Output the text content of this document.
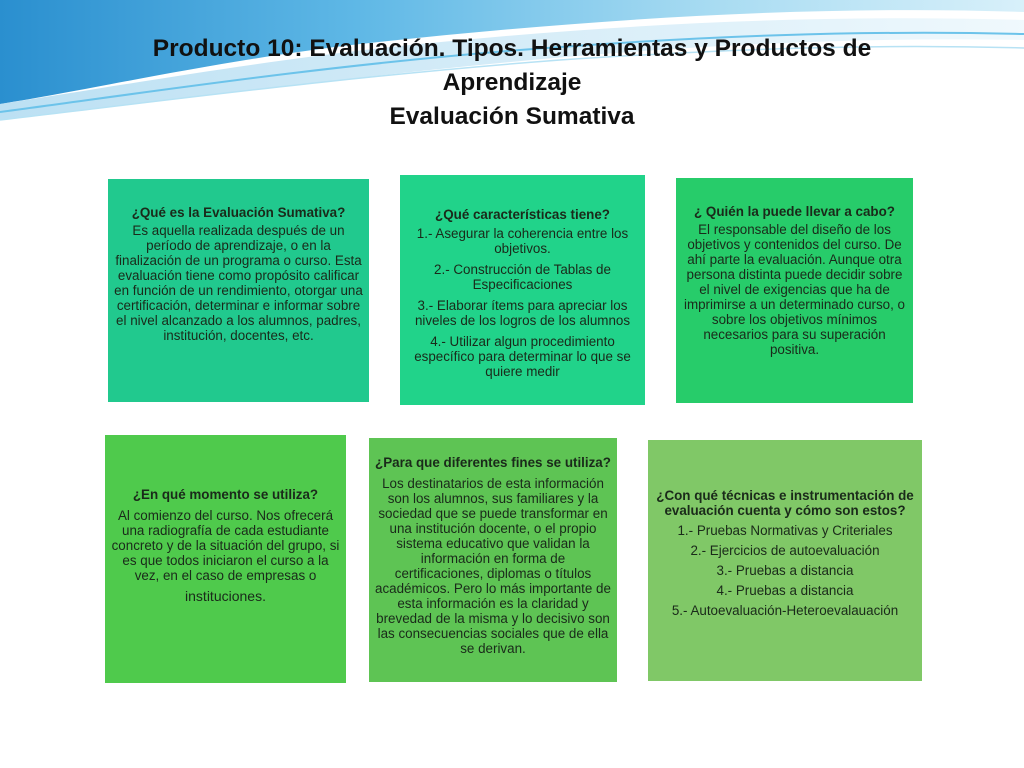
Producto 10: Evaluación. Tipos. Herramientas y Productos de
Aprendizaje
Evaluación Sumativa
¿Qué es la Evaluación Sumativa?
Es aquella realizada después de un período de aprendizaje, o en la finalización de un programa o curso. Esta evaluación tiene como propósito calificar en función de un rendimiento, otorgar una certificación, determinar e informar sobre el nivel alcanzado a los alumnos, padres, institución, docentes, etc.
¿Qué características tiene?
1.- Asegurar la coherencia entre los objetivos.
2.- Construcción de Tablas de Especificaciones
3.- Elaborar ítems para apreciar los niveles de los logros de los alumnos
4.- Utilizar algun procedimiento específico para determinar lo que se quiere medir
¿ Quién la puede llevar a cabo?
El responsable del diseño de los objetivos y contenidos del curso. De ahí parte la evaluación. Aunque otra persona distinta puede decidir sobre el nivel de exigencias que ha de imprimirse a un determinado curso, o sobre los objetivos mínimos necesarios para su superación positiva.
¿En qué momento se utiliza?
Al comienzo del curso. Nos ofrecerá una radiografía de cada estudiante concreto y de la situación del grupo, si es que todos iniciaron el curso a la vez, en el caso de empresas o
instituciones.
¿Para que diferentes fines se utiliza?
Los destinatarios de esta información son los alumnos, sus familiares y la sociedad que se puede transformar en una institución docente, o el propio sistema educativo que validan la información en forma de certificaciones, diplomas o títulos académicos. Pero lo más importante de esta información es la claridad y brevedad de la misma y lo decisivo son las consecuencias sociales que de ella se derivan.
¿Con qué técnicas e instrumentación de evaluación cuenta y cómo son estos?
1.- Pruebas Normativas y Criteriales
2.- Ejercicios de autoevaluación
3.- Pruebas a distancia
4.- Pruebas a distancia
5.- Autoevaluación-Heteroevalauación
